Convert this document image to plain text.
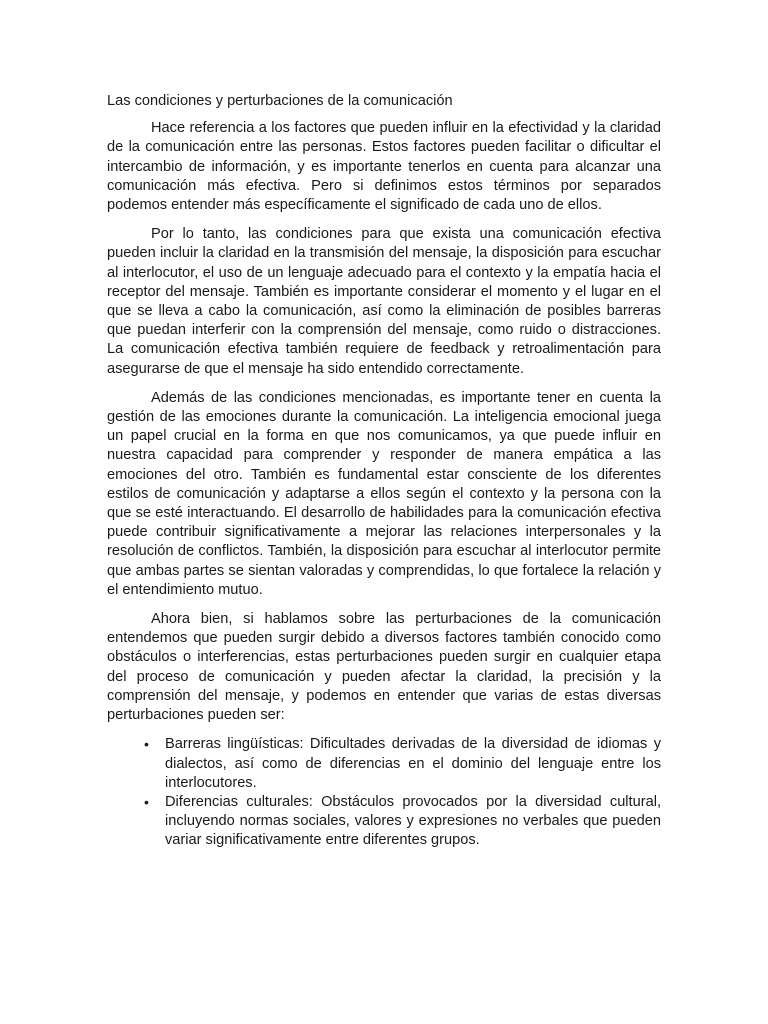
Las condiciones y perturbaciones de la comunicación

Hace referencia a los factores que pueden influir en la efectividad y la claridad de la comunicación entre las personas. Estos factores pueden facilitar o dificultar el intercambio de información, y es importante tenerlos en cuenta para alcanzar una comunicación más efectiva. Pero si definimos estos términos por separados podemos entender más específicamente el significado de cada uno de ellos.

Por lo tanto, las condiciones para que exista una comunicación efectiva pueden incluir la claridad en la transmisión del mensaje, la disposición para escuchar al interlocutor, el uso de un lenguaje adecuado para el contexto y la empatía hacia el receptor del mensaje. También es importante considerar el momento y el lugar en el que se lleva a cabo la comunicación, así como la eliminación de posibles barreras que puedan interferir con la comprensión del mensaje, como ruido o distracciones. La comunicación efectiva también requiere de feedback y retroalimentación para asegurarse de que el mensaje ha sido entendido correctamente.

Además de las condiciones mencionadas, es importante tener en cuenta la gestión de las emociones durante la comunicación. La inteligencia emocional juega un papel crucial en la forma en que nos comunicamos, ya que puede influir en nuestra capacidad para comprender y responder de manera empática a las emociones del otro. También es fundamental estar consciente de los diferentes estilos de comunicación y adaptarse a ellos según el contexto y la persona con la que se esté interactuando. El desarrollo de habilidades para la comunicación efectiva puede contribuir significativamente a mejorar las relaciones interpersonales y la resolución de conflictos. También, la disposición para escuchar al interlocutor permite que ambas partes se sientan valoradas y comprendidas, lo que fortalece la relación y el entendimiento mutuo.

Ahora bien, si hablamos sobre las perturbaciones de la comunicación entendemos que pueden surgir debido a diversos factores también conocido como obstáculos o interferencias, estas perturbaciones pueden surgir en cualquier etapa del proceso de comunicación y pueden afectar la claridad, la precisión y la comprensión del mensaje, y podemos en entender que varias de estas diversas perturbaciones pueden ser:

• Barreras lingüísticas: Dificultades derivadas de la diversidad de idiomas y dialectos, así como de diferencias en el dominio del lenguaje entre los interlocutores.
• Diferencias culturales: Obstáculos provocados por la diversidad cultural, incluyendo normas sociales, valores y expresiones no verbales que pueden variar significativamente entre diferentes grupos.
